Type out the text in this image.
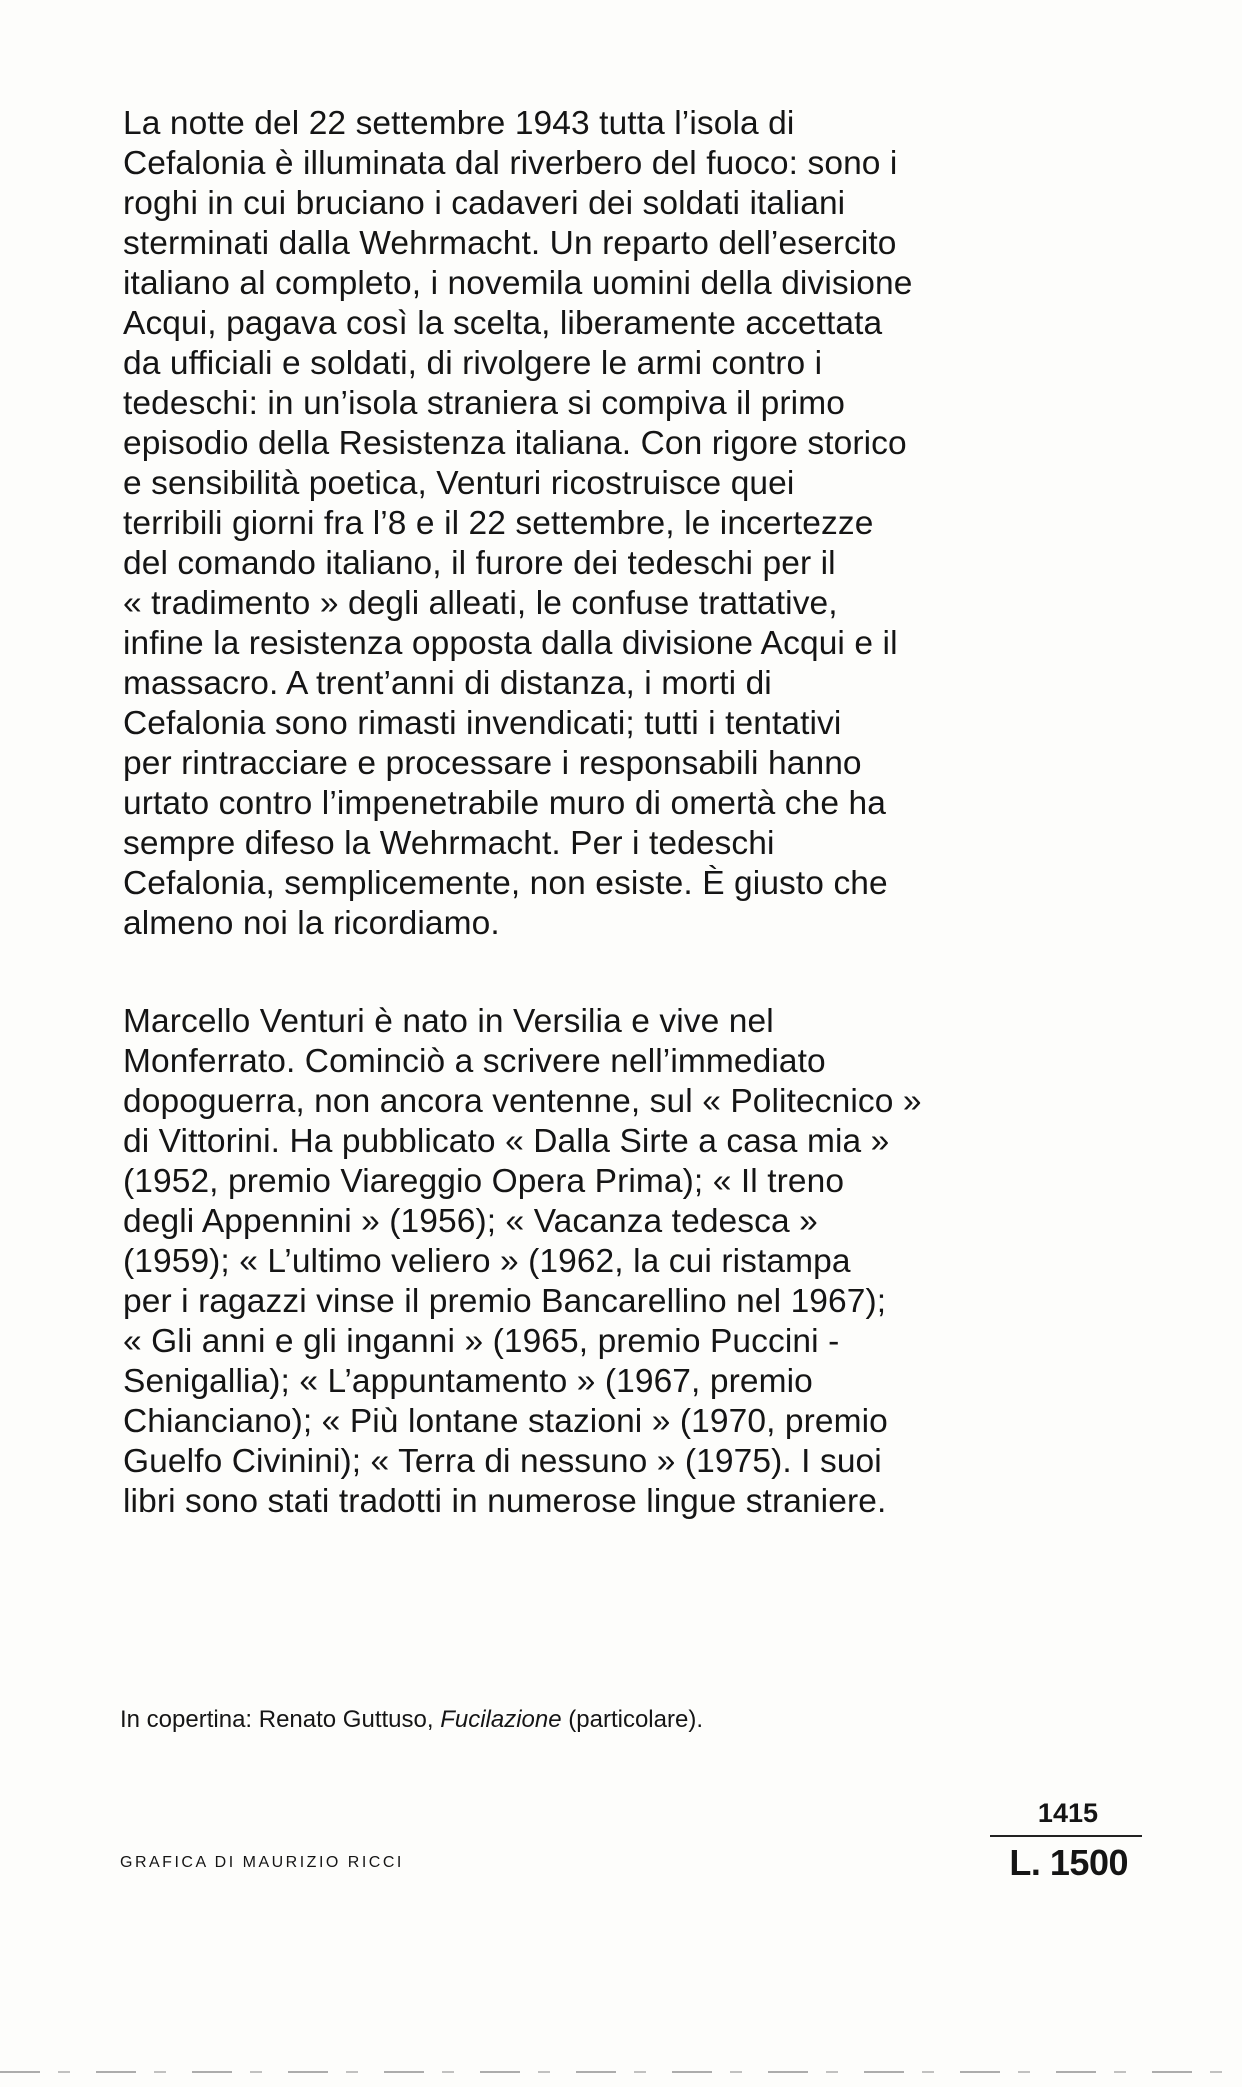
La notte del 22 settembre 1943 tutta l’isola di
Cefalonia è illuminata dal riverbero del fuoco: sono i
roghi in cui bruciano i cadaveri dei soldati italiani
sterminati dalla Wehrmacht. Un reparto dell’esercito
italiano al completo, i novemila uomini della divisione
Acqui, pagava così la scelta, liberamente accettata
da ufficiali e soldati, di rivolgere le armi contro i
tedeschi: in un’isola straniera si compiva il primo
episodio della Resistenza italiana. Con rigore storico
e sensibilità poetica, Venturi ricostruisce quei
terribili giorni fra l’8 e il 22 settembre, le incertezze
del comando italiano, il furore dei tedeschi per il
« tradimento » degli alleati, le confuse trattative,
infine la resistenza opposta dalla divisione Acqui e il
massacro. A trent’anni di distanza, i morti di
Cefalonia sono rimasti invendicati; tutti i tentativi
per rintracciare e processare i responsabili hanno
urtato contro l’impenetrabile muro di omertà che ha
sempre difeso la Wehrmacht. Per i tedeschi
Cefalonia, semplicemente, non esiste. È giusto che
almeno noi la ricordiamo.
Marcello Venturi è nato in Versilia e vive nel
Monferrato. Cominciò a scrivere nell’immediato
dopoguerra, non ancora ventenne, sul « Politecnico »
di Vittorini. Ha pubblicato « Dalla Sirte a casa mia »
(1952, premio Viareggio Opera Prima); « Il treno
degli Appennini » (1956); « Vacanza tedesca »
(1959); « L’ultimo veliero » (1962, la cui ristampa
per i ragazzi vinse il premio Bancarellino nel 1967);
« Gli anni e gli inganni » (1965, premio Puccini -
Senigallia); « L’appuntamento » (1967, premio
Chianciano); « Più lontane stazioni » (1970, premio
Guelfo Civinini); « Terra di nessuno » (1975). I suoi
libri sono stati tradotti in numerose lingue straniere.
In copertina: Renato Guttuso, Fucilazione (particolare).
1415
GRAFICA DI MAURIZIO RICCI	L. 1500
